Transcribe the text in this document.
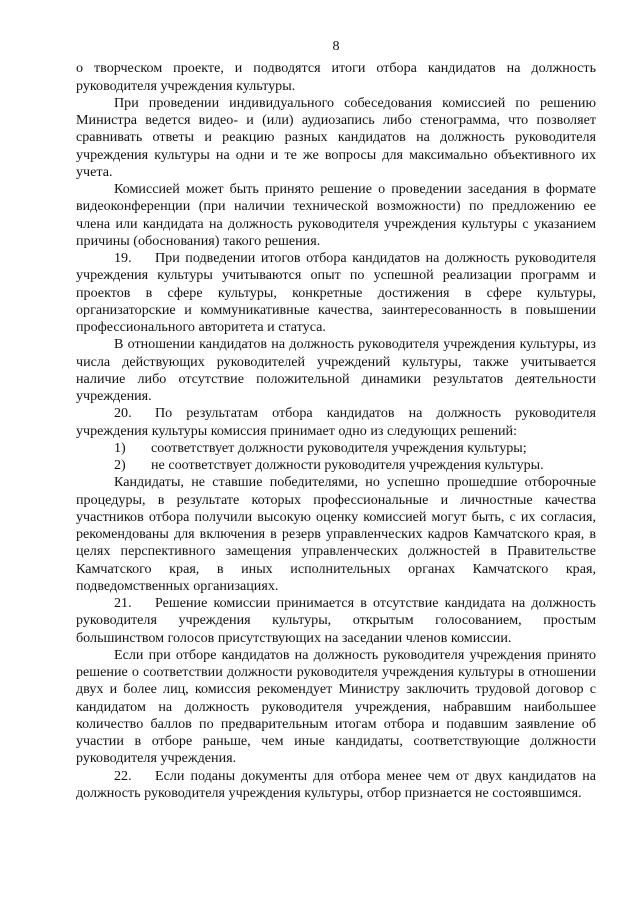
8

о творческом проекте, и подводятся итоги отбора кандидатов на должность руководителя учреждения культуры.

При проведении индивидуального собеседования комиссией по решению Министра ведется видео- и (или) аудиозапись либо стенограмма, что позволяет сравнивать ответы и реакцию разных кандидатов на должность руководителя учреждения культуры на одни и те же вопросы для максимально объективного их учета.

Комиссией может быть принято решение о проведении заседания в формате видеоконференции (при наличии технической возможности) по предложению ее члена или кандидата на должность руководителя учреждения культуры с указанием причины (обоснования) такого решения.

19. При подведении итогов отбора кандидатов на должность руководителя учреждения культуры учитываются опыт по успешной реализации программ и проектов в сфере культуры, конкретные достижения в сфере культуры, организаторские и коммуникативные качества, заинтересованность в повышении профессионального авторитета и статуса.

В отношении кандидатов на должность руководителя учреждения культуры, из числа действующих руководителей учреждений культуры, также учитывается наличие либо отсутствие положительной динамики результатов деятельности учреждения.

20. По результатам отбора кандидатов на должность руководителя учреждения культуры комиссия принимает одно из следующих решений:

1)	соответствует должности руководителя учреждения культуры;
2)	не соответствует должности руководителя учреждения культуры.

Кандидаты, не ставшие победителями, но успешно прошедшие отборочные процедуры, в результате которых профессиональные и личностные качества участников отбора получили высокую оценку комиссией могут быть, с их согласия, рекомендованы для включения в резерв управленческих кадров Камчатского края, в целях перспективного замещения управленческих должностей в Правительстве Камчатского края, в иных исполнительных органах Камчатского края, подведомственных организациях.

21. Решение комиссии принимается в отсутствие кандидата на должность руководителя учреждения культуры, открытым голосованием, простым большинством голосов присутствующих на заседании членов комиссии.

Если при отборе кандидатов на должность руководителя учреждения принято решение о соответствии должности руководителя учреждения культуры в отношении двух и более лиц, комиссия рекомендует Министру заключить трудовой договор с кандидатом на должность руководителя учреждения, набравшим наибольшее количество баллов по предварительным итогам отбора и подавшим заявление об участии в отборе раньше, чем иные кандидаты, соответствующие должности руководителя учреждения.

22. Если поданы документы для отбора менее чем от двух кандидатов на должность руководителя учреждения культуры, отбор признается не состоявшимся.
